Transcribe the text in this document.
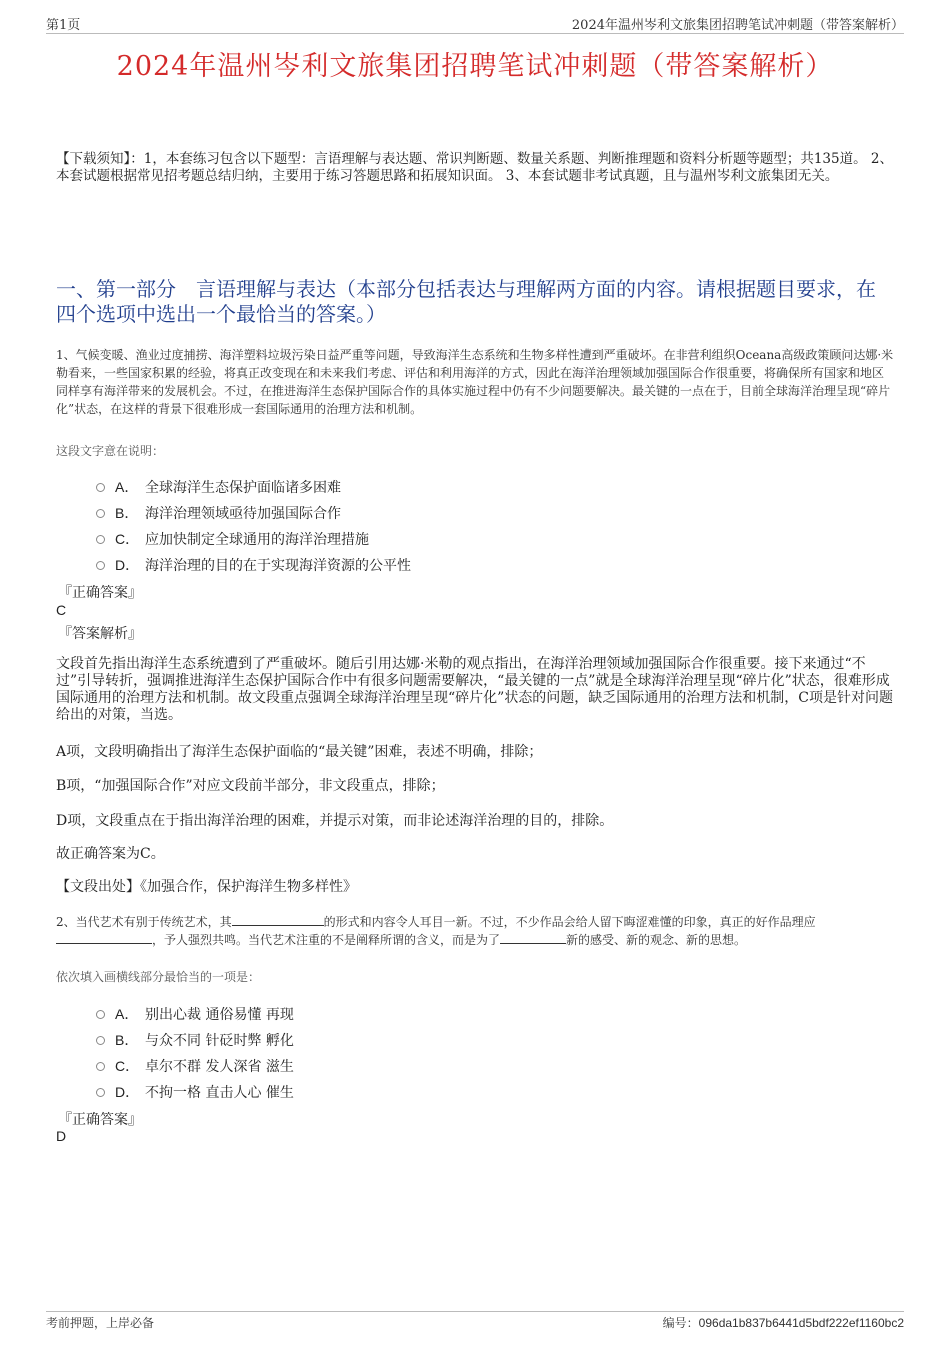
第1页	2024年温州岑利文旅集团招聘笔试冲刺题（带答案解析）
2024年温州岑利文旅集团招聘笔试冲刺题（带答案解析）
【下载须知】：1，本套练习包含以下题型：言语理解与表达题、常识判断题、数量关系题、判断推理题和资料分析题等题型；共135道。 2、本套试题根据常见招考题总结归纳，主要用于练习答题思路和拓展知识面。 3、本套试题非考试真题，且与温州岑利文旅集团无关。
一、第一部分　言语理解与表达（本部分包括表达与理解两方面的内容。请根据题目要求，在四个选项中选出一个最恰当的答案。）
1、气候变暖、渔业过度捕捞、海洋塑料垃圾污染日益严重等问题，导致海洋生态系统和生物多样性遭到严重破坏。在非营利组织Oceana高级政策顾问达娜·米勒看来，一些国家积累的经验，将真正改变现在和未来我们考虑、评估和利用海洋的方式，因此在海洋治理领域加强国际合作很重要，将确保所有国家和地区同样享有海洋带来的发展机会。不过，在推进海洋生态保护国际合作的具体实施过程中仍有不少问题要解决。最关键的一点在于，目前全球海洋治理呈现“碎片化”状态，在这样的背景下很难形成一套国际通用的治理方法和机制。
这段文字意在说明：
A． 全球海洋生态保护面临诸多困难
B． 海洋治理领域亟待加强国际合作
C． 应加快制定全球通用的海洋治理措施
D． 海洋治理的目的在于实现海洋资源的公平性
『正确答案』
C
『答案解析』
文段首先指出海洋生态系统遭到了严重破坏。随后引用达娜·米勒的观点指出，在海洋治理领域加强国际合作很重要。接下来通过“不过”引导转折，强调推进海洋生态保护国际合作中有很多问题需要解决，“最关键的一点”就是全球海洋治理呈现“碎片化”状态，很难形成国际通用的治理方法和机制。故文段重点强调全球海洋治理呈现“碎片化”状态的问题，缺乏国际通用的治理方法和机制，C项是针对问题给出的对策，当选。
A项，文段明确指出了海洋生态保护面临的“最关键”困难，表述不明确，排除；
B项，“加强国际合作”对应文段前半部分，非文段重点，排除；
D项，文段重点在于指出海洋治理的困难，并提示对策，而非论述海洋治理的目的，排除。
故正确答案为C。
【文段出处】《加强合作，保护海洋生物多样性》
2、当代艺术有别于传统艺术，其	的形式和内容令人耳目一新。不过，不少作品会给人留下晦涩难懂的印象，真正的好作品理应，予人强烈共鸣。当代艺术注重的不是阐释所谓的含义，而是为了	新的感受、新的观念、新的思想。
依次填入画横线部分最恰当的一项是：
A． 别出心裁 通俗易懂 再现
B． 与众不同 针砭时弊 孵化
C． 卓尔不群 发人深省 滋生
D． 不拘一格 直击人心 催生
『正确答案』
D
考前押题，上岸必备	编号：096da1b837b6441d5bdf222ef1160bc2
